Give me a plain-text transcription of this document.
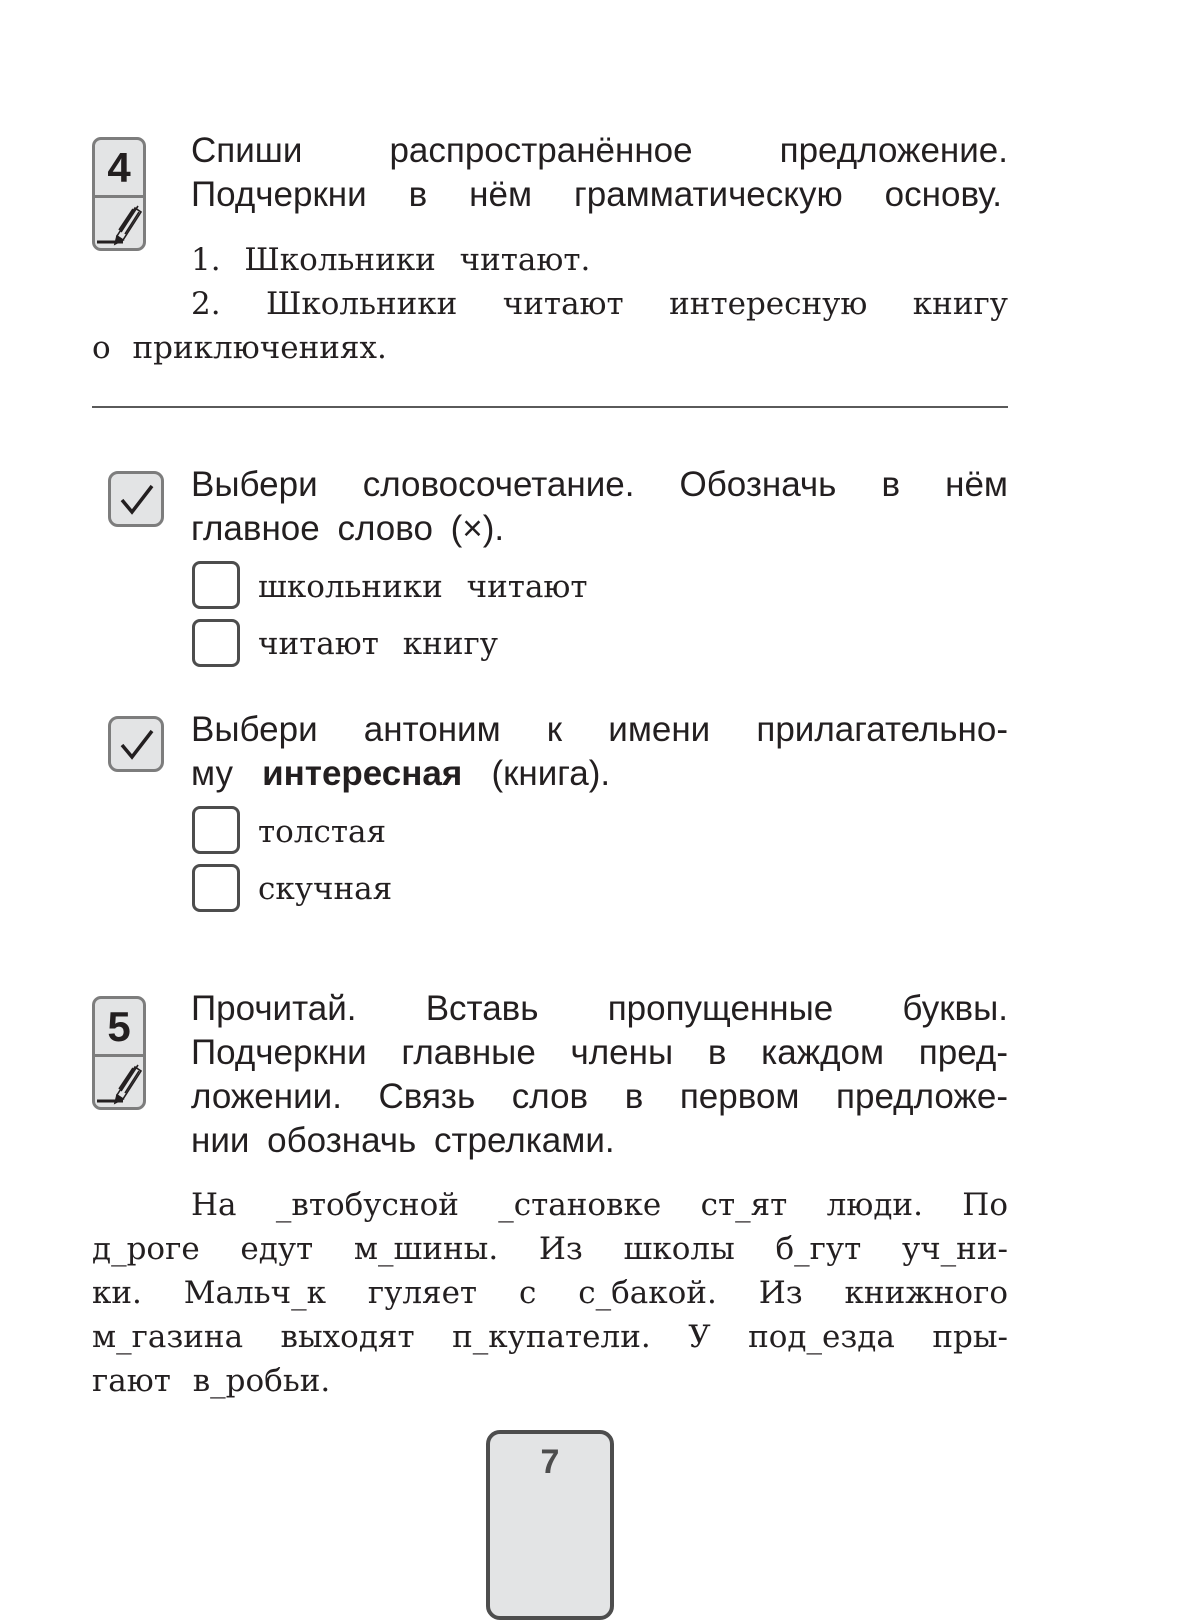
4	Спиши распространённое предложение.
Подчеркни в нём грамматическую основу.
1. Школьники читают.
2. Школьники читают интересную книгу
о приключениях.
Выбери словосочетание. Обозначь в нём
главное слово (×).
школьники читают
читают книгу
Выбери антоним к имени прилагательно-
му   интересная   (книга).
толстая
скучная
5	Прочитай. Вставь пропущенные буквы.
Подчеркни главные члены в каждом пред-
ложении. Связь слов в первом предложе-
нии обозначь стрелками.
На _втобусной _становке ст_ят люди. По
д_роге едут м_шины. Из школы б_гут уч_ни-
ки. Мальч_к гуляет с с_бакой. Из книжного
м_газина выходят п_купатели. У под_езда пры-
гают в_робьи.
7
